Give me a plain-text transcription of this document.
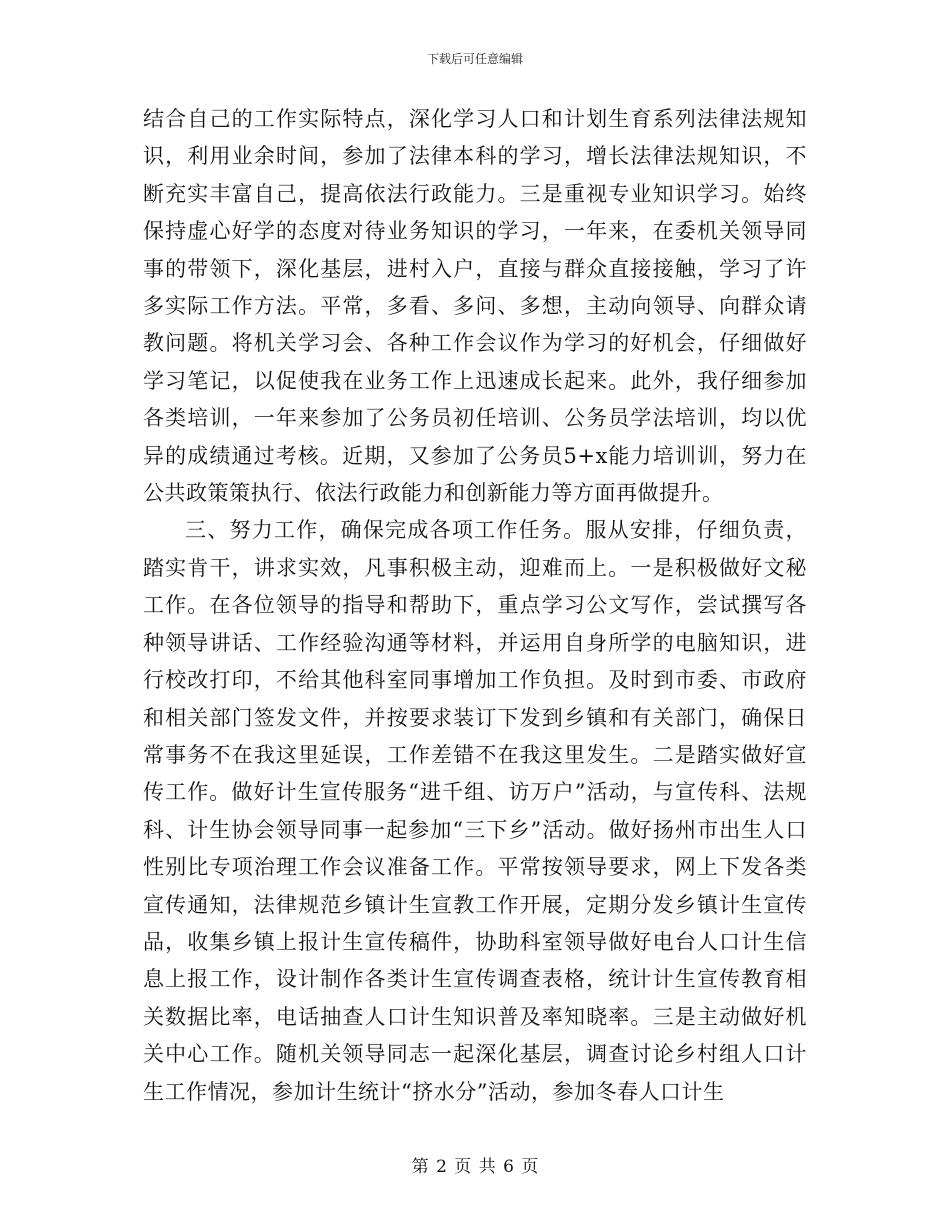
下载后可任意编辑

结合自己的工作实际特点，深化学习人口和计划生育系列法律法规知识，利用业余时间，参加了法律本科的学习，增长法律法规知识，不断充实丰富自己，提高依法行政能力。三是重视专业知识学习。始终保持虚心好学的态度对待业务知识的学习，一年来，在委机关领导同事的带领下，深化基层，进村入户，直接与群众直接接触，学习了许多实际工作方法。平常，多看、多问、多想，主动向领导、向群众请教问题。将机关学习会、各种工作会议作为学习的好机会，仔细做好学习笔记，以促使我在业务工作上迅速成长起来。此外，我仔细参加各类培训，一年来参加了公务员初任培训、公务员学法培训，均以优异的成绩通过考核。近期，又参加了公务员5+x能力培训训，努力在公共政策策执行、依法行政能力和创新能力等方面再做提升。

三、努力工作，确保完成各项工作任务。服从安排，仔细负责，踏实肯干，讲求实效，凡事积极主动，迎难而上。一是积极做好文秘工作。在各位领导的指导和帮助下，重点学习公文写作，尝试撰写各种领导讲话、工作经验沟通等材料，并运用自身所学的电脑知识，进行校改打印，不给其他科室同事增加工作负担。及时到市委、市政府和相关部门签发文件，并按要求装订下发到乡镇和有关部门，确保日常事务不在我这里延误，工作差错不在我这里发生。二是踏实做好宣传工作。做好计生宣传服务“进千组、访万户”活动，与宣传科、法规科、计生协会领导同事一起参加“三下乡”活动。做好扬州市出生人口性别比专项治理工作会议准备工作。平常按领导要求，网上下发各类宣传通知，法律规范乡镇计生宣教工作开展，定期分发乡镇计生宣传品，收集乡镇上报计生宣传稿件，协助科室领导做好电台人口计生信息上报工作，设计制作各类计生宣传调查表格，统计计生宣传教育相关数据比率，电话抽查人口计生知识普及率知晓率。三是主动做好机关中心工作。随机关领导同志一起深化基层，调查讨论乡村组人口计生工作情况，参加计生统计“挤水分”活动，参加冬春人口计生

第 2 页 共 6 页
